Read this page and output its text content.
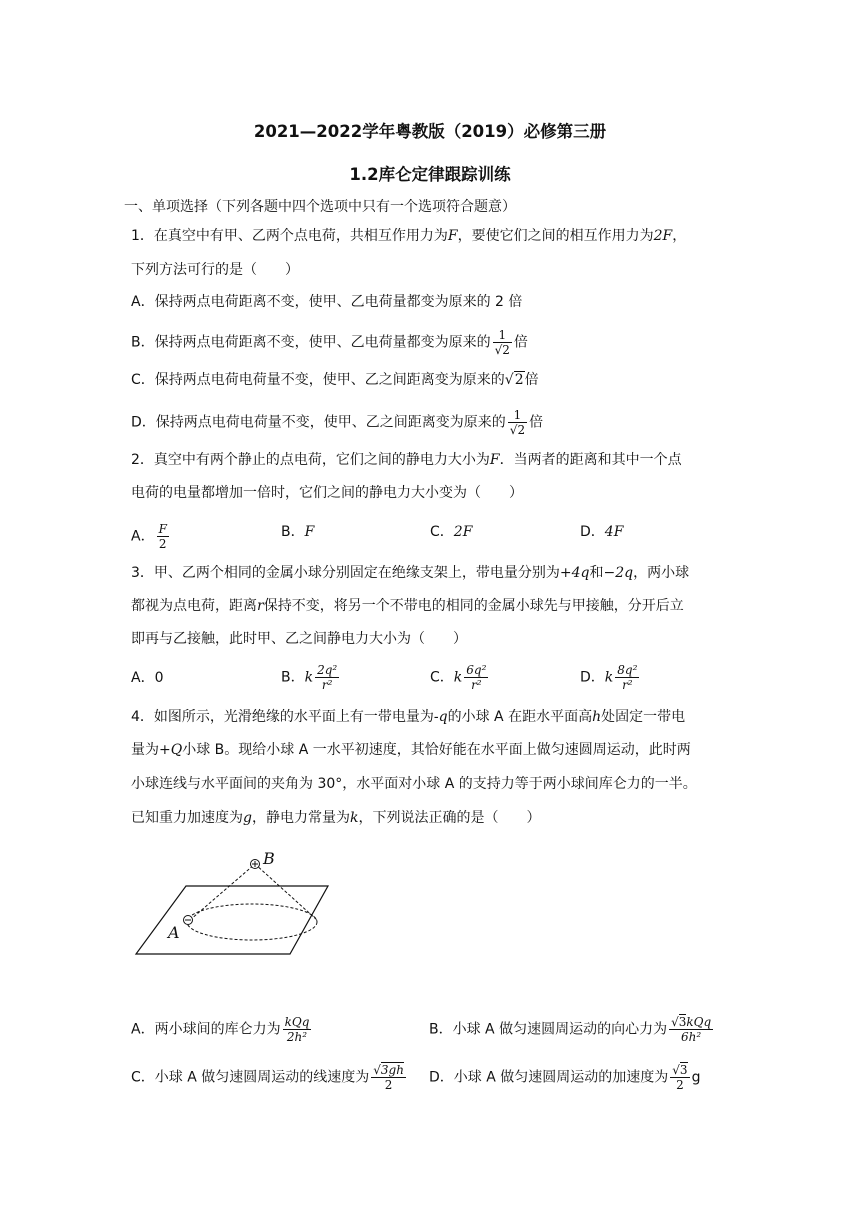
2021—2022学年粤教版（2019）必修第三册
1.2库仑定律跟踪训练
一、单项选择（下列各题中四个选项中只有一个选项符合题意）
1．在真空中有甲、乙两个点电荷，共相互作用力为F，要使它们之间的相互作用力为2F，
下列方法可行的是（　　）
A．保持两点电荷距离不变，使甲、乙电荷量都变为原来的 2 倍
B．保持两点电荷距离不变，使甲、乙电荷量都变为原来的 $\frac{1}{√2}$ 倍
C．保持两点电荷电荷量不变，使甲、乙之间距离变为原来的√2倍
D．保持两点电荷电荷量不变，使甲、乙之间距离变为原来的 $\frac{1}{√2}$ 倍
2．真空中有两个静止的点电荷，它们之间的静电力大小为F．当两者的距离和其中一个点
电荷的电量都增加一倍时，它们之间的静电力大小变为（　　）
A． $\frac{F}{2}$	B．F	C．2F	D．4F
3．甲、乙两个相同的金属小球分别固定在绝缘支架上，带电量分别为+4q和−2q，两小球
都视为点电荷，距离r保持不变，将另一个不带电的相同的金属小球先与甲接触，分开后立
即再与乙接触，此时甲、乙之间静电力大小为（　　）
A．0	B．k $\frac{\text{2q²}}{\text{r²}}$	C．k $\frac{\text{6q²}}{\text{r²}}$	D．k $\frac{\text{8q²}}{\text{r²}}$
4．如图所示，光滑绝缘的水平面上有一带电量为-q的小球 A 在距水平面高h处固定一带电
量为+Q小球 B。现给小球 A 一水平初速度，其恰好能在水平面上做匀速圆周运动，此时两
小球连线与水平面间的夹角为 30°，水平面对小球 A 的支持力等于两小球间库仑力的一半。
已知重力加速度为g，静电力常量为k，下列说法正确的是（　　）
B
A
A．两小球间的库仑力为 $\frac{\text{kQq}}{\text{2h²}}$	B．小球 A 做匀速圆周运动的向心力为 $\frac{\text{√3kQq}}{\text{6h²}}$
C．小球 A 做匀速圆周运动的线速度为 $\frac{√3gh}{2}$ D．小球 A 做匀速圆周运动的加速度为 $\frac{√3}{2}$ g
